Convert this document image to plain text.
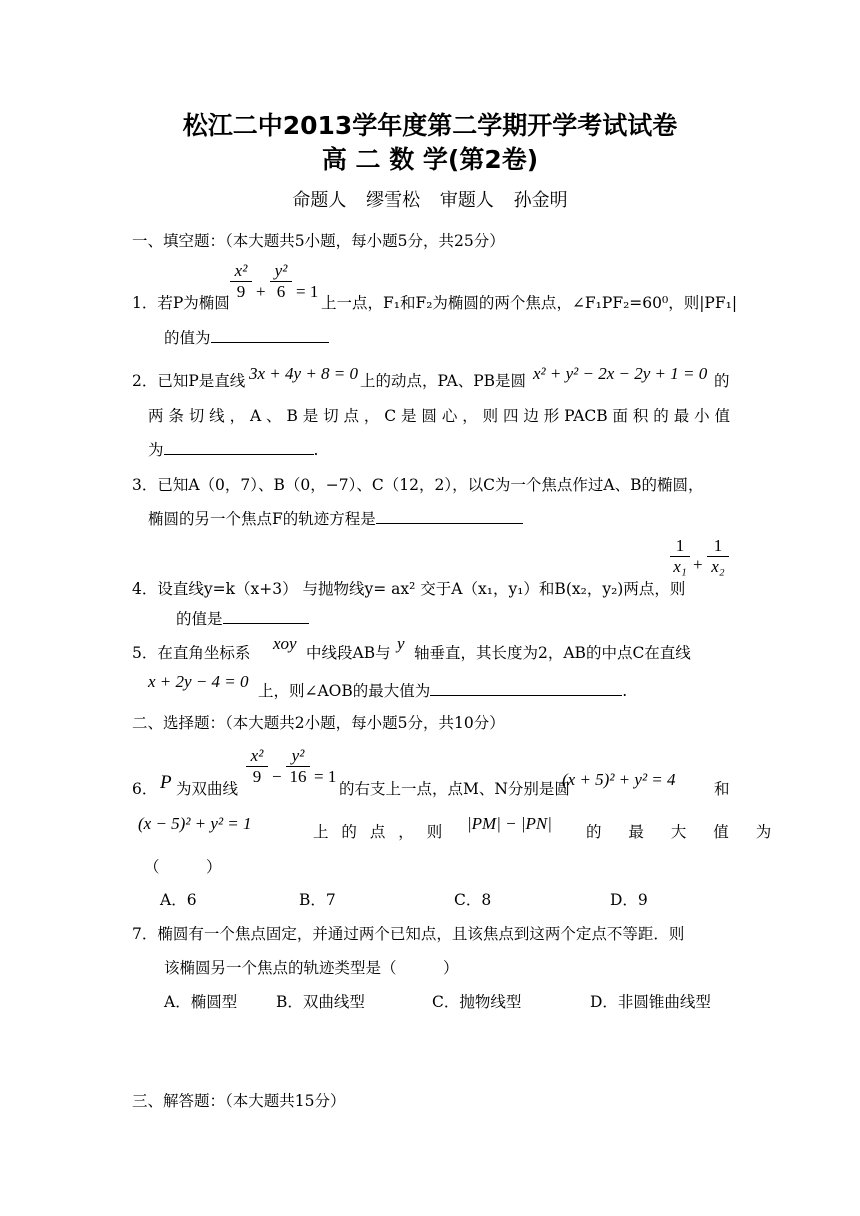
松江二中2013学年度第二学期开学考试试卷
高 二 数 学(第2卷)
命题人 缪雪松 审题人 孙金明
一、填空题：（本大题共5小题，每小题5分，共25分）
1．若P为椭圆
x²
9 +
y²
6 = 1
上一点，F₁和F₂为椭圆的两个焦点，∠F₁PF₂=60⁰，则|PF₁|
的值为
2．已知P是直线 3x + 4y + 8 = 0 上的动点，PA、PB是圆 x² + y² − 2x − 2y + 1 = 0 的
两条切线，A、B是切点，C是圆心，则四边形PACB面积的最小值
为	.
3．已知A（0，7）、B（0，−7）、C（12，2），以C为一个焦点作过A、B的椭圆，
椭圆的另一个焦点F的轨迹方程是
4．设直线y=k（x+3） 与抛物线y= ax² 交于A（x₁，y₁）和B(x₂，y₂)两点，则
1
x₁ +
1
x₂
的值是
5．在直角坐标系 xoy 中线段AB与 y 轴垂直，其长度为2，AB的中点C在直线
x + 2y − 4 = 0 上，则∠AOB的最大值为	.
二、选择题：（本大题共2小题，每小题5分，共10分）
6． P 为双曲线
x²
9 −
y²
16 = 1
的右支上一点，点M、N分别是圆
(x + 5)² + y² = 4 和
(x − 5)² + y² = 1	上 的 点 ， 则 |PM| − |PN| 的 最 大 值 为
（　　　）
A．6	B．7	C．8	D．9
7．椭圆有一个焦点固定，并通过两个已知点，且该焦点到这两个定点不等距．则
该椭圆另一个焦点的轨迹类型是（　　　）
A．椭圆型	B．双曲线型	C．抛物线型	D．非圆锥曲线型
三、解答题：（本大题共15分）
